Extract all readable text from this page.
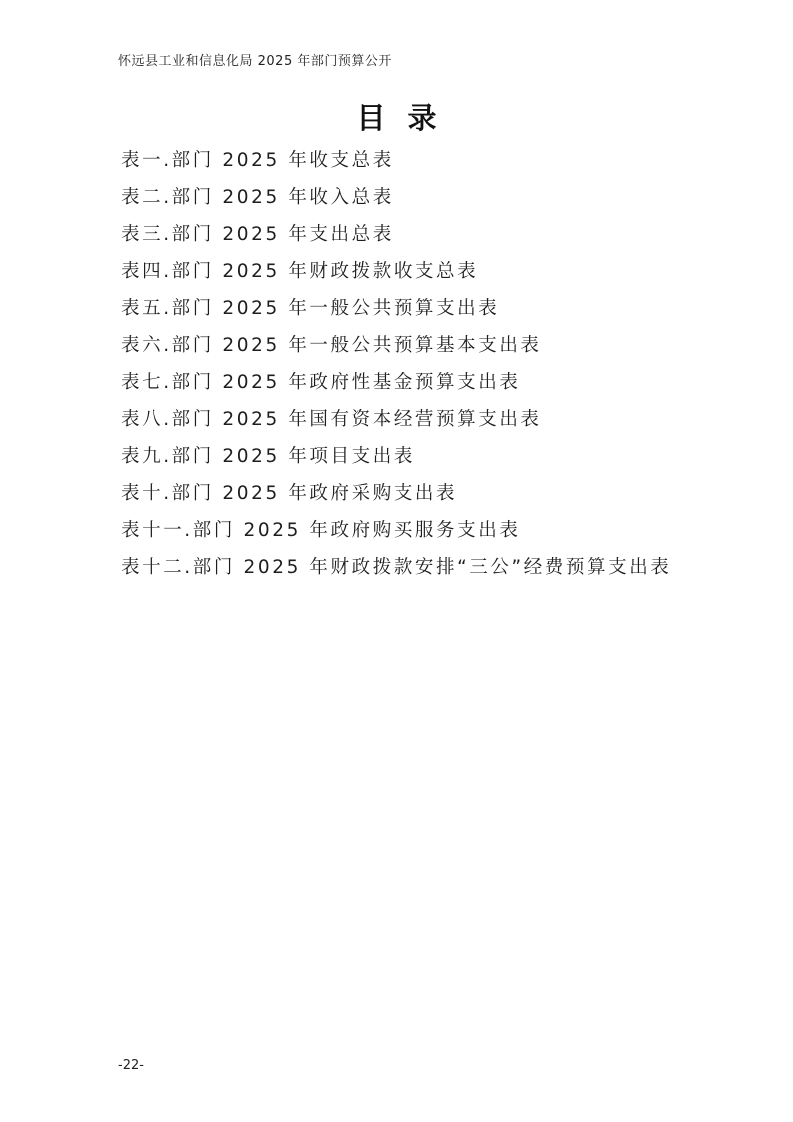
怀远县工业和信息化局 2025 年部门预算公开
目录
表一.部门 2025 年收支总表
表二.部门 2025 年收入总表
表三.部门 2025 年支出总表
表四.部门 2025 年财政拨款收支总表
表五.部门 2025 年一般公共预算支出表
表六.部门 2025 年一般公共预算基本支出表
表七.部门 2025 年政府性基金预算支出表
表八.部门 2025 年国有资本经营预算支出表
表九.部门 2025 年项目支出表
表十.部门 2025 年政府采购支出表
表十一.部门 2025 年政府购买服务支出表
表十二.部门 2025 年财政拨款安排“三公”经费预算支出表
-22-
